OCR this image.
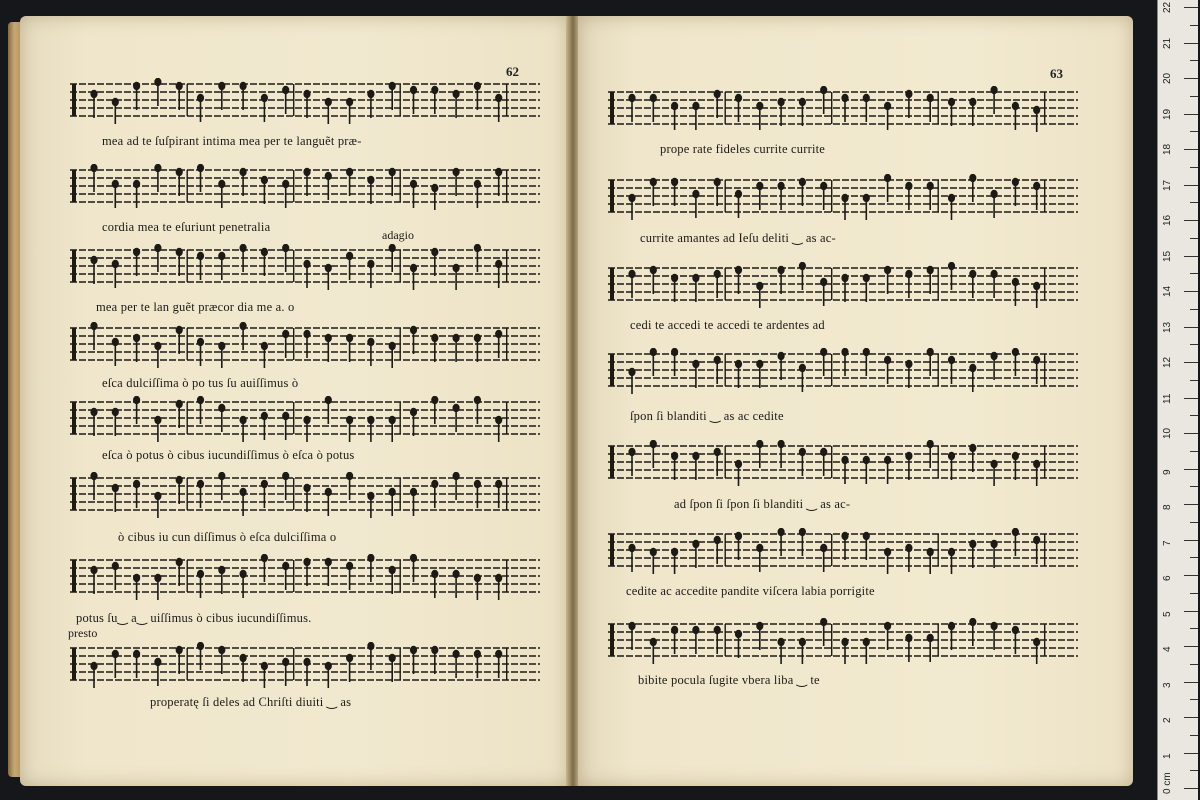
62
mea ad te ſuſpirant intima mea per te languẽt præ-
cordia mea te eſuriunt penetralia
adagio
mea per te lan guẽt præcor dia me a. o
eſca dulciſſima ò po tus ſu auiſſimus ò
eſca ò potus ò cibus iucundiſſimus ò eſca ò potus
ò cibus iu cun diſſimus ò eſca dulciſſima o
potus ſu‿ a‿ uiſſimus ò cibus iucundiſſimus.
presto
properatę ſi deles ad Chriſti diuiti ‿ as
63
prope rate fideles currite currite
currite amantes ad Ieſu deliti ‿ as ac-
cedi te accedi te accedi te ardentes ad
ſpon ſi blanditi ‿ as ac cedite
ad ſpon ſi ſpon ſi blanditi ‿ as ac-
cedite ac accedite pandite viſcera labia porrigite
bibite pocula ſugite vbera liba ‿ te
0 cm
1
2
3
4
5
6
7
8
9
10
11
12
13
14
15
16
17
18
19
20
21
22
